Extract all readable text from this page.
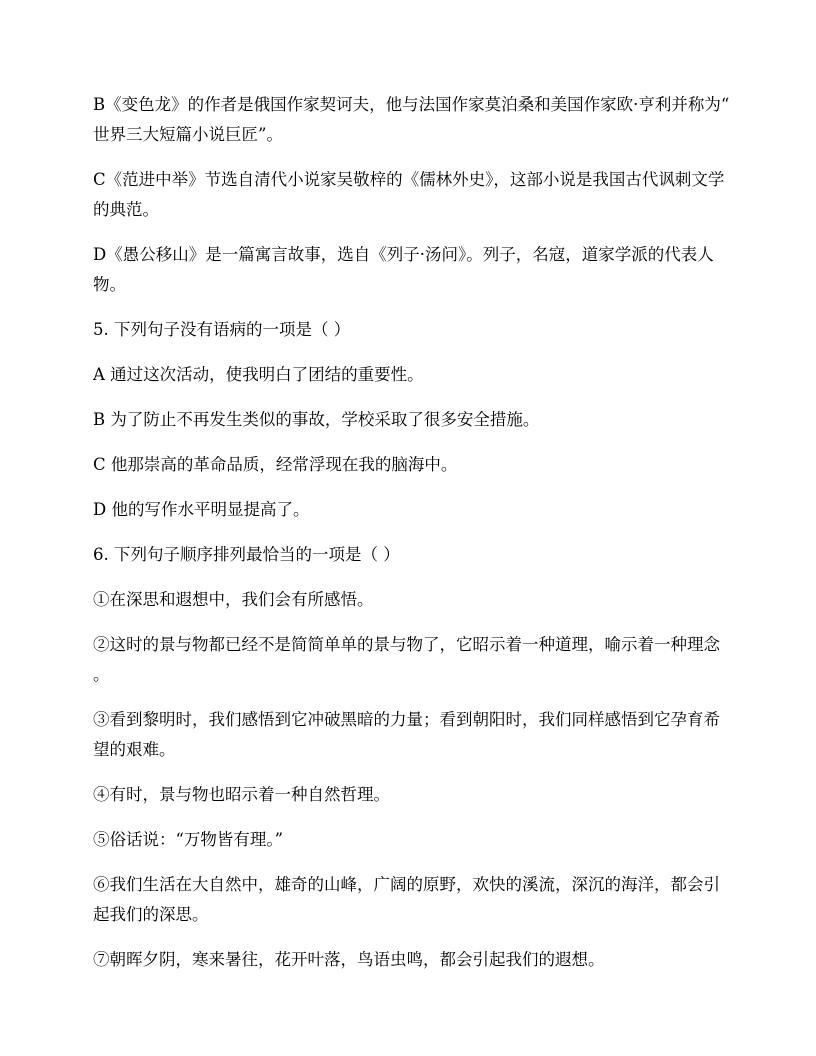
B《变色龙》的作者是俄国作家契诃夫，他与法国作家莫泊桑和美国作家欧·亨利并称为“
世界三大短篇小说巨匠”。
C《范进中举》节选自清代小说家吴敬梓的《儒林外史》，这部小说是我国古代讽刺文学
的典范。
D《愚公移山》是一篇寓言故事，选自《列子·汤问》。列子，名寇，道家学派的代表人
物。
5. 下列句子没有语病的一项是（ ）
A 通过这次活动，使我明白了团结的重要性。
B 为了防止不再发生类似的事故，学校采取了很多安全措施。
C 他那崇高的革命品质，经常浮现在我的脑海中。
D 他的写作水平明显提高了。
6. 下列句子顺序排列最恰当的一项是（ ）
①在深思和遐想中，我们会有所感悟。
②这时的景与物都已经不是简简单单的景与物了，它昭示着一种道理，喻示着一种理念
。
③看到黎明时，我们感悟到它冲破黑暗的力量；看到朝阳时，我们同样感悟到它孕育希
望的艰难。
④有时，景与物也昭示着一种自然哲理。
⑤俗话说：“万物皆有理。”
⑥我们生活在大自然中，雄奇的山峰，广阔的原野，欢快的溪流，深沉的海洋，都会引
起我们的深思。
⑦朝晖夕阴，寒来暑往，花开叶落，鸟语虫鸣，都会引起我们的遐想。
